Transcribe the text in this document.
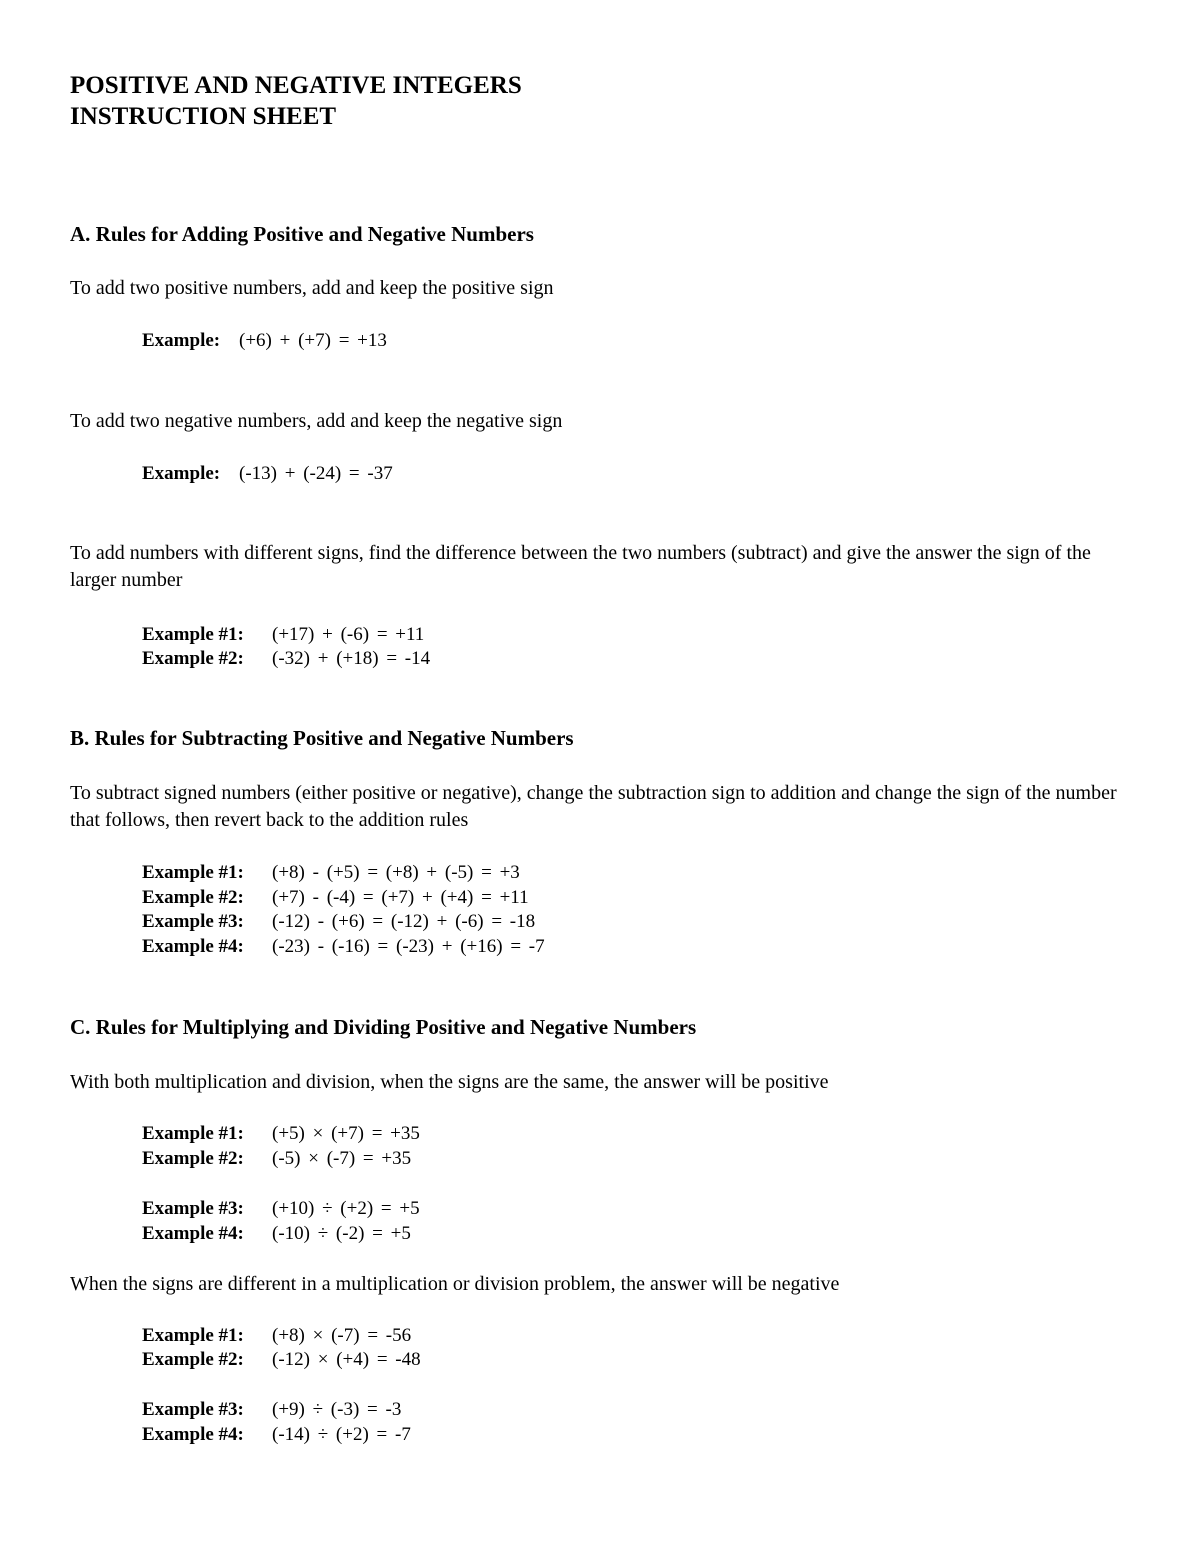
POSITIVE AND NEGATIVE INTEGERS
INSTRUCTION SHEET
A. Rules for Adding Positive and Negative Numbers
To add two positive numbers, add and keep the positive sign
Example: (+6) + (+7) = +13
To add two negative numbers, add and keep the negative sign
Example: (-13) + (-24) = -37
To add numbers with different signs, find the difference between the two numbers (subtract) and give the answer the sign of the larger number
Example #1: (+17) + (-6) = +11
Example #2: (-32) + (+18) = -14
B. Rules for Subtracting Positive and Negative Numbers
To subtract signed numbers (either positive or negative), change the subtraction sign to addition and change the sign of the number that follows, then revert back to the addition rules
Example #1: (+8) - (+5) = (+8) + (-5) = +3
Example #2: (+7) - (-4) = (+7) + (+4) = +11
Example #3: (-12) - (+6) = (-12) + (-6) = -18
Example #4: (-23) - (-16) = (-23) + (+16) = -7
C. Rules for Multiplying and Dividing Positive and Negative Numbers
With both multiplication and division, when the signs are the same, the answer will be positive
Example #1: (+5) × (+7) = +35
Example #2: (-5) × (-7) = +35
Example #3: (+10) ÷ (+2) = +5
Example #4: (-10) ÷ (-2) = +5
When the signs are different in a multiplication or division problem, the answer will be negative
Example #1: (+8) × (-7) = -56
Example #2: (-12) × (+4) = -48
Example #3: (+9) ÷ (-3) = -3
Example #4: (-14) ÷ (+2) = -7
